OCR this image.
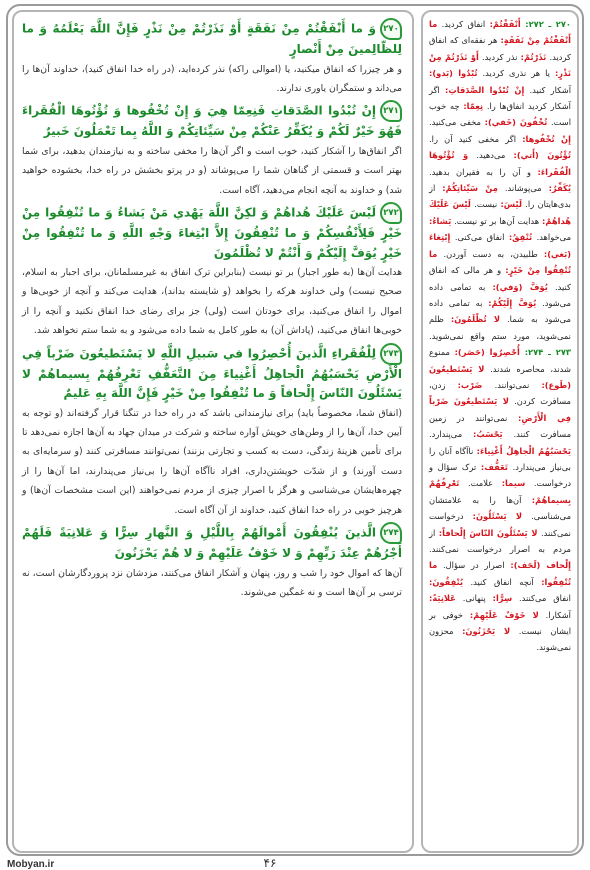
۲۷۰وَ ما أَنْفَقْتُمْ مِنْ نَفَقَةٍ أَوْ نَذَرْتُمْ مِنْ نَذْرٍ فَإِنَّ اللَّهَ يَعْلَمُهُ وَ ما لِلظّالِمينَ مِنْ أَنْصارٍ

و هر چیزرا که انفاق میکنید، یا (اموالی راکه) نذر کرده‌اید، (در راه خدا انفاق کنید)، خداوند آن‌ها را می‌داند و ستمگران یاوری ندارند.

۲۷۱إِنْ تُبْدُوا الصَّدَقاتِ فَنِعِمّا هِيَ وَ إِنْ تُخْفُوها وَ تُؤْتُوهَا الْفُقَراءَ فَهُوَ خَيْرٌ لَكُمْ وَ يُكَفِّرُ عَنْكُمْ مِنْ سَيِّئاتِكُمْ وَ اللَّهُ بِما تَعْمَلُونَ خَبيرٌ

اگر انفاق‌ها را آشکار کنید، خوب است و اگر آن‌ها را مخفی ساخته و به نیازمندان بدهید، برای شما بهتر است و قسمتی از گناهان شما را می‌پوشاند (و در پرتو بخشش در راه خدا، بخشوده خواهید شد) و خداوند به آنچه انجام می‌دهید، آگاه است.

۲۷۲لَيْسَ عَلَيْكَ هُداهُمْ وَ لكِنَّ اللَّهَ يَهْدي مَنْ يَشاءُ وَ ما تُنْفِقُوا مِنْ خَيْرٍ فَلِأَنْفُسِكُمْ وَ ما تُنْفِقُونَ إِلاَّ ابْتِغاءَ وَجْهِ اللَّهِ وَ ما تُنْفِقُوا مِنْ خَيْرٍ يُوَفَّ إِلَيْكُمْ وَ أَنْتُمْ لا تُظْلَمُونَ

هدایت آن‌ها (به طور اجبار) بر تو نیست (بنابراین ترک انفاق به غیرمسلمانان، برای اجبار به اسلام، صحیح نیست) ولی خداوند هرکه را بخواهد (و شایسته بداند)، هدایت می‌کند و آنچه از خوبی‌ها و اموال را انفاق می‌کنید، برای خودتان است (ولی) جز برای رضای خدا انفاق نکنید و آنچه را از خوبی‌ها انفاق می‌کنید، (پاداش آن) به طور کامل به شما داده می‌شود و به شما ستم نخواهد شد.

۲۷۳لِلْفُقَراءِ الَّذينَ أُحْصِرُوا في سَبيلِ اللَّهِ لا يَسْتَطيعُونَ ضَرْباً فِي الْأَرْضِ يَحْسَبُهُمُ الْجاهِلُ أَغْنِياءَ مِنَ التَّعَفُّفِ تَعْرِفُهُمْ بِسيماهُمْ لا يَسْئَلُونَ النّاسَ إِلْحافاً وَ ما تُنْفِقُوا مِنْ خَيْرٍ فَإِنَّ اللَّهَ بِهِ عَليمٌ

(انفاق شما، مخصوصاً باید) برای نیازمندانی باشد که در راه خدا در تنگنا قرار گرفته‌اند (و توجه به آیین خدا، آن‌ها را از وطن‌های خویش آواره ساخته و شرکت در میدان جهاد به آن‌ها اجازه نمی‌دهد تا برای تأمین هزینهٔ زندگی، دست به کسب و تجارتی بزنند) نمی‌توانند مسافرتی کنند (و سرمایه‌ای به دست آورند) و از شدّت خویشتن‌داری، افراد ناآگاه آن‌ها را بی‌نیاز می‌پندارند، اما آن‌ها را از چهره‌هایشان می‌شناسی و هرگز با اصرار چیزی از مردم نمی‌خواهند (این است مشخصات آن‌ها) و هرچیز خوبی در راه خدا انفاق کنید، خداوند از آن آگاه است.

۲۷۴الَّذينَ يُنْفِقُونَ أَمْوالَهُمْ بِاللَّيْلِ وَ النَّهارِ سِرًّا وَ عَلانِيَةً فَلَهُمْ أَجْرُهُمْ عِنْدَ رَبِّهِمْ وَ لا خَوْفٌ عَلَيْهِمْ وَ لا هُمْ يَحْزَنُونَ

آن‌ها که اموال خود را شب و روز، پنهان و آشکار انفاق می‌کنند، مزدشان نزد پروردگارشان است، نه ترسی بر آن‌ها است و نه غمگین می‌شوند.

۲۷۰ ـ ۲۷۲: أَنْفَقْتُمْ: انفاق کردید. ما أَنْفَقْتُمْ مِنْ نَفَقَةٍ: هر نفقه‌ای که انفاق کردید. نَذَرْتُمْ: نذر کردید. أَوْ نَذَرْتُمْ مِنْ نَذْرٍ: یا هر نذری کردید. تُبْدُوا (بَدو): آشکار کنید. إِنْ تُبْدُوا الصَّدَقاتِ: اگر آشکار کردید انفاق‌ها را. نِعِمّا: چه خوب است. تُخْفُونَ (خَفي): مخفی می‌کنید. إِنْ تُخْفُوها: اگر مخفی کنید آن را. تُؤْتُونَ (أَتي): می‌دهید. وَ تُؤْتُوهَا الْفُقَراءَ: و آن را به فقیران بدهید. يُكَفِّرُ: می‌پوشاند. مِنْ سَيِّئاتِكُمْ: از بدی‌هایتان را. لَيْسَ: نیست. لَيْسَ عَلَيْكَ هُداهُمْ: هدایت آن‌ها بر تو نیست. يَشاءُ: می‌خواهد. تُنْفِقُ: انفاق می‌کنی. إِبْتِغاءَ (بَغي): طلبیدن، به دست آوردن. ما تُنْفِقُوا مِنْ خَيْرٍ: و هر مالی که انفاق کنید. يُوَفَّ (وَفي): به تمامی داده می‌شود. يُوَفَّ إِلَيْكُمْ: به تمامی داده می‌شود به شما. لا تُظْلَمُونَ: ظلم نمی‌شوید، مورد ستم واقع نمی‌شوید. ۲۷۳ ـ ۲۷۴: أُحْصِرُوا (حَصَر): ممنوع شدند، محاصره شدند. لا يَسْتَطيعُونَ (طَوع): نمی‌توانند. ضَرْب: زدن، مسافرت کردن. لا يَسْتَطيعُونَ ضَرْباً فِي الْأَرْضِ: نمی‌توانند در زمین مسافرت کنند. يَحْسَبُ: می‌پندارد. يَحْسَبُهُمُ الْجاهِلُ أَغْنِياءَ: ناآگاه آنان را بی‌نیاز می‌پندارد. تَعَفُّف: ترک سؤال و درخواست. سيما: علامت. تَعْرِفُهُمْ بِسيماهُمْ: آن‌ها را به علامتشان می‌شناسی. لا يَسْئَلُونَ: درخواست نمی‌کنند. لا يَسْئَلُونَ النّاسَ إِلْحافاً: از مردم به اصرار درخواست نمی‌کنند. إِلْحاف (لَحَف): اصرار در سؤال. ما تُنْفِقُوا: آنچه انفاق کنید. يُنْفِقُونَ: انفاق می‌کنند. سِرًّا: پنهانی. عَلانِيَةً: آشکارا. لا خَوْفٌ عَلَيْهِمْ: خوفی بر ایشان نیست. لا يَحْزَنُونَ: محزون نمی‌شوند.

۴۶
Mobyan.ir
